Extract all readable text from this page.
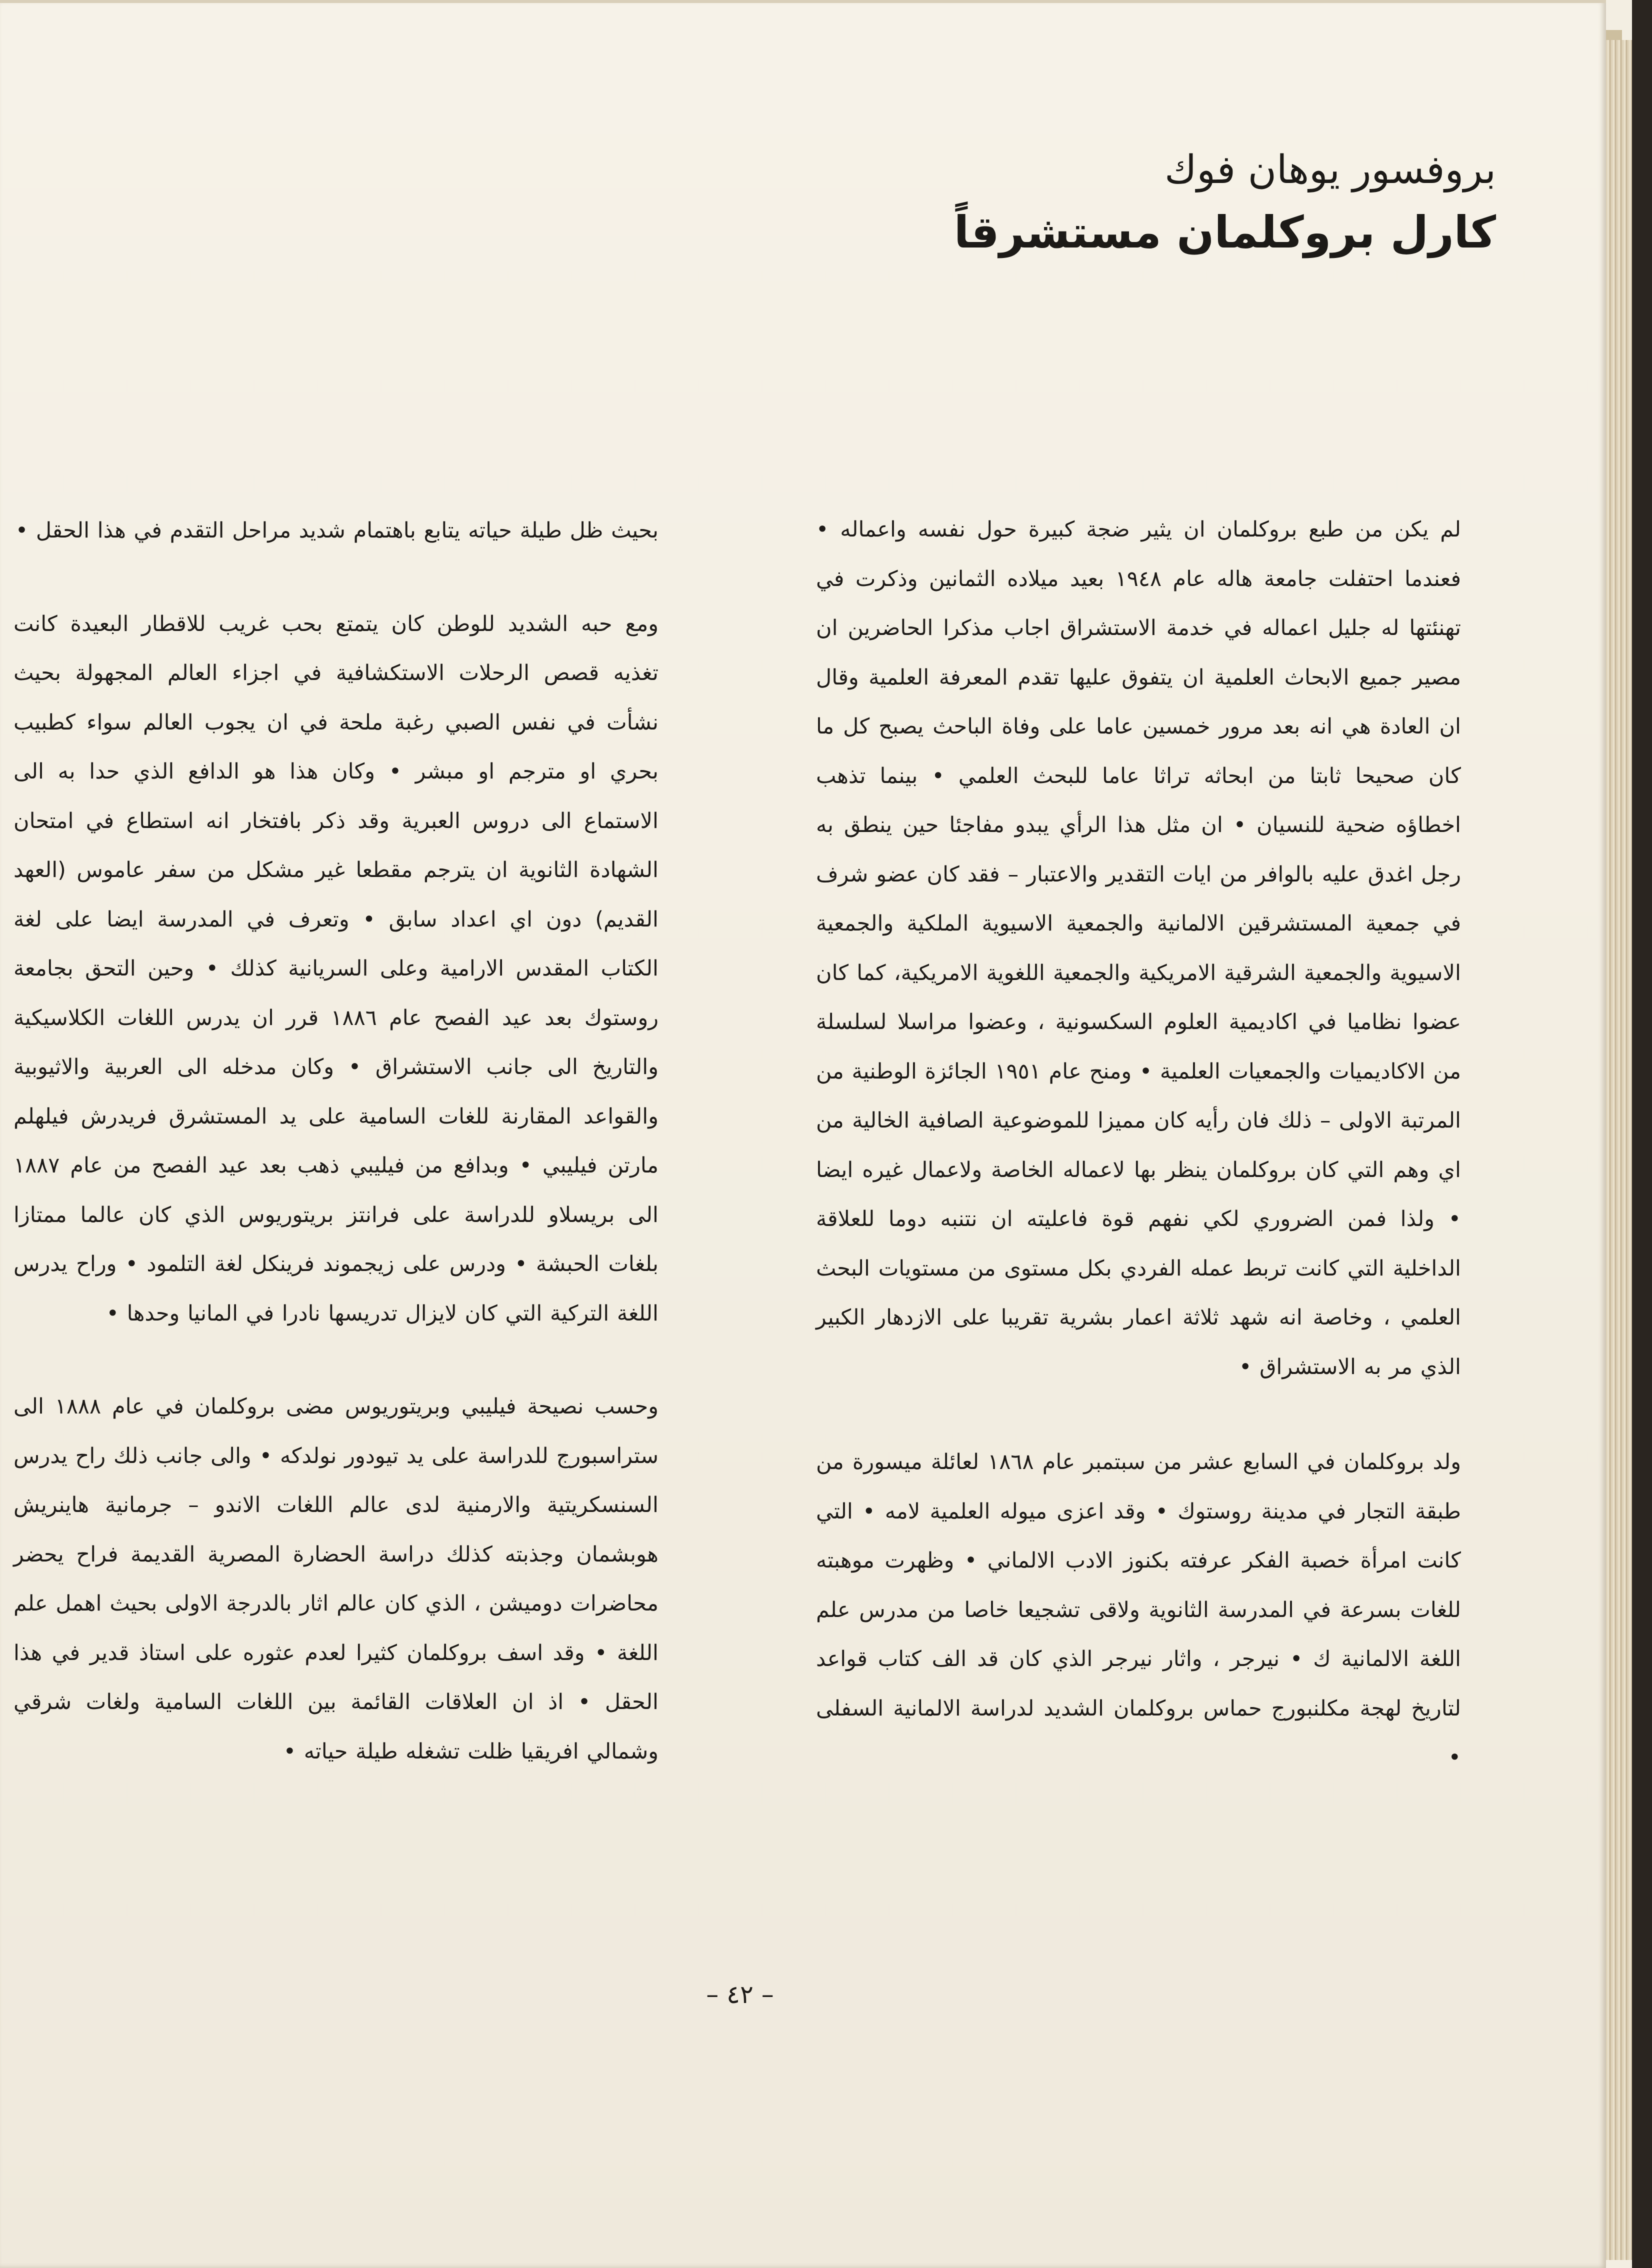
بروفسور يوهان فوك
كارل بروكلمان مستشرقاً

لم يكن من طبع بروكلمان ان يثير ضجة كبيرة حول نفسه واعماله • فعندما احتفلت جامعة هاله عام ١٩٤٨ بعيد ميلاده الثمانين وذكرت في تهنئتها له جليل اعماله في خدمة الاستشراق اجاب مذكرا الحاضرين ان مصير جميع الابحاث العلمية ان يتفوق عليها تقدم المعرفة العلمية وقال ان العادة هي انه بعد مرور خمسين عاما على وفاة الباحث يصبح كل ما كان صحيحا ثابتا من ابحاثه تراثا عاما للبحث العلمي • بينما تذهب اخطاؤه ضحية للنسيان • ان مثل هذا الرأي يبدو مفاجئا حين ينطق به رجل اغدق عليه بالوافر من ايات التقدير والاعتبار – فقد كان عضو شرف في جمعية المستشرقين الالمانية والجمعية الاسيوية الملكية والجمعية الاسيوية والجمعية الشرقية الامريكية والجمعية اللغوية الامريكية، كما كان عضوا نظاميا في اكاديمية العلوم السكسونية ، وعضوا مراسلا لسلسلة من الاكاديميات والجمعيات العلمية • ومنح عام ١٩٥١ الجائزة الوطنية من المرتبة الاولى – ذلك فان رأيه كان مميزا للموضوعية الصافية الخالية من اي وهم التي كان بروكلمان ينظر بها لاعماله الخاصة ولاعمال غيره ايضا • ولذا فمن الضروري لكي نفهم قوة فاعليته ان نتنبه دوما للعلاقة الداخلية التي كانت تربط عمله الفردي بكل مستوى من مستويات البحث العلمي ، وخاصة انه شهد ثلاثة اعمار بشرية تقريبا على الازدهار الكبير الذي مر به الاستشراق •

ولد بروكلمان في السابع عشر من سبتمبر عام ١٨٦٨ لعائلة ميسورة من طبقة التجار في مدينة روستوك • وقد اعزى ميوله العلمية لامه • التي كانت امرأة خصبة الفكر عرفته بكنوز الادب الالماني • وظهرت موهبته للغات بسرعة في المدرسة الثانوية ولاقى تشجيعا خاصا من مدرس علم اللغة الالمانية ك • نيرجر ، واثار نيرجر الذي كان قد الف كتاب قواعد لتاريخ لهجة مكلنبورج حماس بروكلمان الشديد لدراسة الالمانية السفلى •

بحيث ظل طيلة حياته يتابع باهتمام شديد مراحل التقدم في هذا الحقل •

ومع حبه الشديد للوطن كان يتمتع بحب غريب للاقطار البعيدة كانت تغذيه قصص الرحلات الاستكشافية في اجزاء العالم المجهولة بحيث نشأت في نفس الصبي رغبة ملحة في ان يجوب العالم سواء كطبيب بحري او مترجم او مبشر • وكان هذا هو الدافع الذي حدا به الى الاستماع الى دروس العبرية وقد ذكر بافتخار انه استطاع في امتحان الشهادة الثانوية ان يترجم مقطعا غير مشكل من سفر عاموس (العهد القديم) دون اي اعداد سابق • وتعرف في المدرسة ايضا على لغة الكتاب المقدس الارامية وعلى السريانية كذلك • وحين التحق بجامعة روستوك بعد عيد الفصح عام ١٨٨٦ قرر ان يدرس اللغات الكلاسيكية والتاريخ الى جانب الاستشراق • وكان مدخله الى العربية والاثيوبية والقواعد المقارنة للغات السامية على يد المستشرق فريدرش فيلهلم مارتن فيليبي • وبدافع من فيليبي ذهب بعد عيد الفصح من عام ١٨٨٧ الى بريسلاو للدراسة على فرانتز بريتوريوس الذي كان عالما ممتازا بلغات الحبشة • ودرس على زيجموند فرينكل لغة التلمود • وراح يدرس اللغة التركية التي كان لايزال تدريسها نادرا في المانيا وحدها •

وحسب نصيحة فيليبي وبريتوريوس مضى بروكلمان في عام ١٨٨٨ الى ستراسبورج للدراسة على يد تيودور نولدكه • والى جانب ذلك راح يدرس السنسكريتية والارمنية لدى عالم اللغات الاندو – جرمانية هاينريش هوبشمان وجذبته كذلك دراسة الحضارة المصرية القديمة فراح يحضر محاضرات دوميشن ، الذي كان عالم اثار بالدرجة الاولى بحيث اهمل علم اللغة • وقد اسف بروكلمان كثيرا لعدم عثوره على استاذ قدير في هذا الحقل • اذ ان العلاقات القائمة بين اللغات السامية ولغات شرقي وشمالي افريقيا ظلت تشغله طيلة حياته •

– ٤٢ –
